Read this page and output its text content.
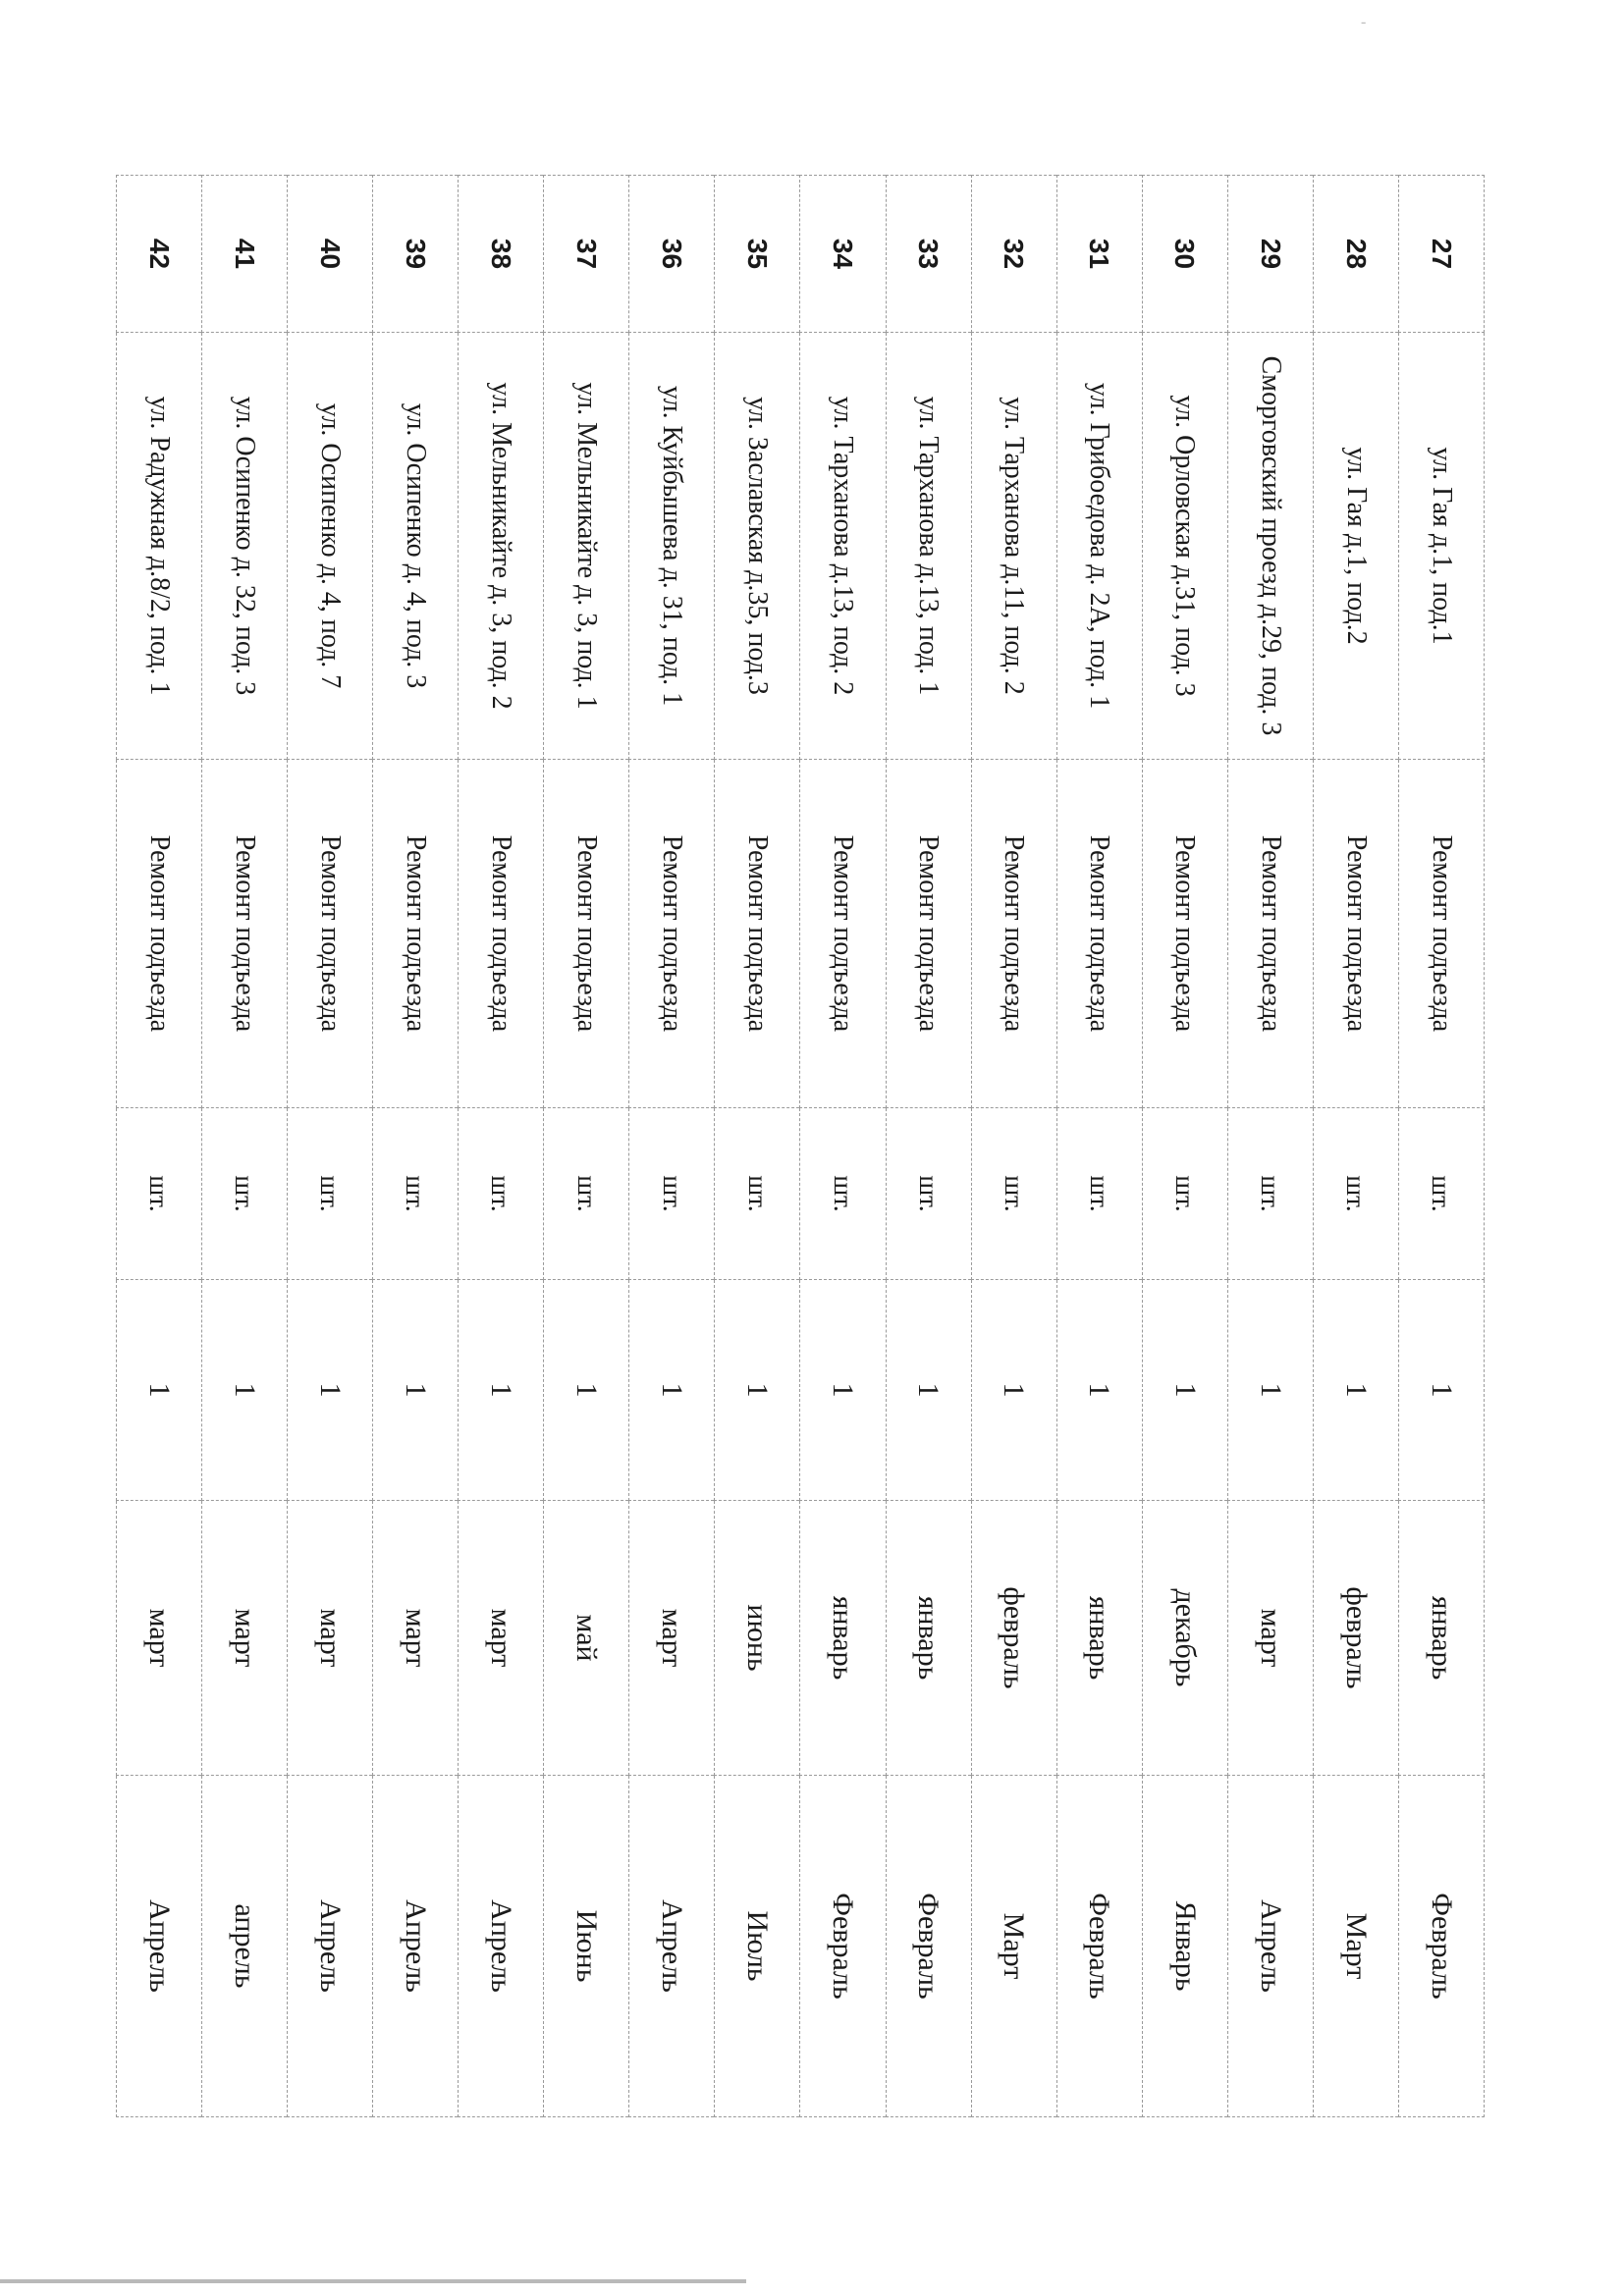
-
27	ул. Гая д.1, под.1	Ремонт подъезда	шт.	1	январь	Февраль
28	ул. Гая д.1, под.2	Ремонт подъезда	шт.	1	февраль	Март
29	Сморговский проезд д.29, под. 3	Ремонт подъезда	шт.	1	март	Апрель
30	ул. Орловская д.31, под. 3	Ремонт подъезда	шт.	1	декабрь	Январь
31	ул. Грибоедова д. 2А, под. 1	Ремонт подъезда	шт.	1	январь	Февраль
32	ул. Тарханова д.11, под. 2	Ремонт подъезда	шт.	1	февраль	Март
33	ул. Тарханова д.13, под. 1	Ремонт подъезда	шт.	1	январь	Февраль
34	ул. Тарханова д.13, под. 2	Ремонт подъезда	шт.	1	январь	Февраль
35	ул. Заславская д.35, под.3	Ремонт подъезда	шт.	1	июнь	Июль
36	ул. Куйбышева д. 31, под. 1	Ремонт подъезда	шт.	1	март	Апрель
37	ул. Мельникайте д. 3, под. 1	Ремонт подъезда	шт.	1	май	Июнь
38	ул. Мельникайте д. 3, под. 2	Ремонт подъезда	шт.	1	март	Апрель
39	ул. Осипенко д. 4, под. 3	Ремонт подъезда	шт.	1	март	Апрель
40	ул. Осипенко д. 4, под. 7	Ремонт подъезда	шт.	1	март	Апрель
41	ул. Осипенко д. 32, под. 3	Ремонт подъезда	шт.	1	март	апрель
42	ул. Радужная д.8/2, под. 1	Ремонт подъезда	шт.	1	март	Апрель
